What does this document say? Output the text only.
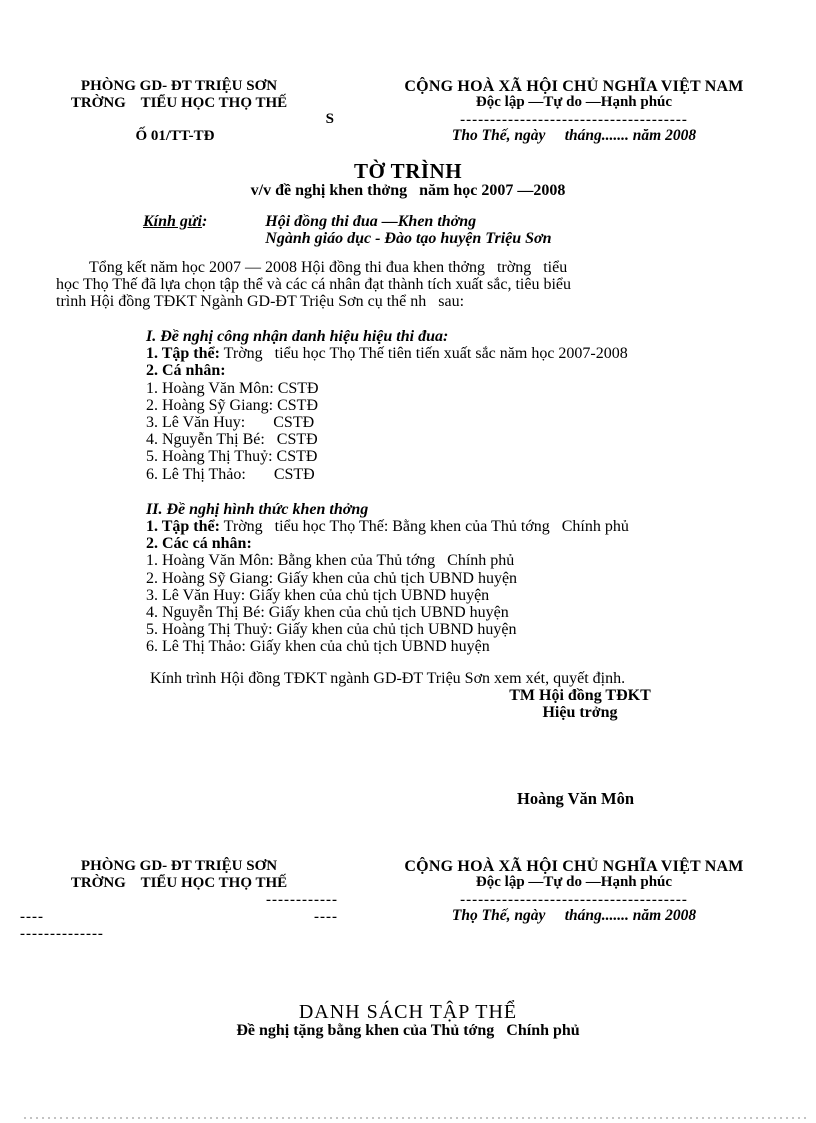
PHÒNG GD- ĐT TRIỆU SƠN
TRỜNG    TIỂU HỌC THỌ THẾ
S
Ố 01/TT-TĐ
CỘNG HOÀ XÃ HỘI CHỦ NGHĨA VIỆT NAM
Độc lập —Tự do —Hạnh phúc
--------------------------------------
Tho Thế, ngày     tháng....... năm 2008
TỜ TRÌNH
v/v đề nghị khen thởng   năm học 2007 —2008
Kính gửi:	Hội đồng thi đua —Khen thởng
Ngành giáo dục - Đào tạo huyện Triệu Sơn
Tổng kết năm học 2007 — 2008 Hội đồng thi đua khen thởng   trờng   tiểu
học Thọ Thế đã lựa chọn tập thể và các cá nhân đạt thành tích xuất sắc, tiêu biểu
trình Hội đồng TĐKT Ngành GD-ĐT Triệu Sơn cụ thể nh   sau:
I. Đề nghị công nhận danh hiệu hiệu thi đua:
1. Tập thể: Trờng   tiểu học Thọ Thế tiên tiến xuất sắc năm học 2007-2008
2. Cá nhân:
1. Hoàng Văn Môn: CSTĐ
2. Hoàng Sỹ Giang: CSTĐ
3. Lê Văn Huy:       CSTĐ
4. Nguyễn Thị Bé:   CSTĐ
5. Hoàng Thị Thuỷ: CSTĐ
6. Lê Thị Thảo:       CSTĐ
II. Đề nghị hình thức khen thởng
1. Tập thể: Trờng   tiểu học Thọ Thế: Bằng khen của Thủ tớng   Chính phủ
2. Các cá nhân:
1. Hoàng Văn Môn: Bằng khen của Thủ tớng   Chính phủ
2. Hoàng Sỹ Giang: Giấy khen của chủ tịch UBND huyện
3. Lê Văn Huy: Giấy khen của chủ tịch UBND huyện
4. Nguyễn Thị Bé: Giấy khen của chủ tịch UBND huyện
5. Hoàng Thị Thuỷ: Giấy khen của chủ tịch UBND huyện
6. Lê Thị Thảo: Giấy khen của chủ tịch UBND huyện
Kính trình Hội đồng TĐKT ngành GD-ĐT Triệu Sơn xem xét, quyết định.
TM Hội đồng TĐKT
Hiệu trởng
Hoàng Văn Môn
PHÒNG GD- ĐT TRIỆU SƠN
TRỜNG    TIỂU HỌC THỌ THẾ
------------
----	----
--------------
CỘNG HOÀ XÃ HỘI CHỦ NGHĨA VIỆT NAM
Độc lập —Tự do —Hạnh phúc
--------------------------------------
Thọ Thế, ngày     tháng....... năm 2008
DANH SÁCH TẬP THỂ
Đề nghị tặng bằng khen của Thủ tớng   Chính phủ
